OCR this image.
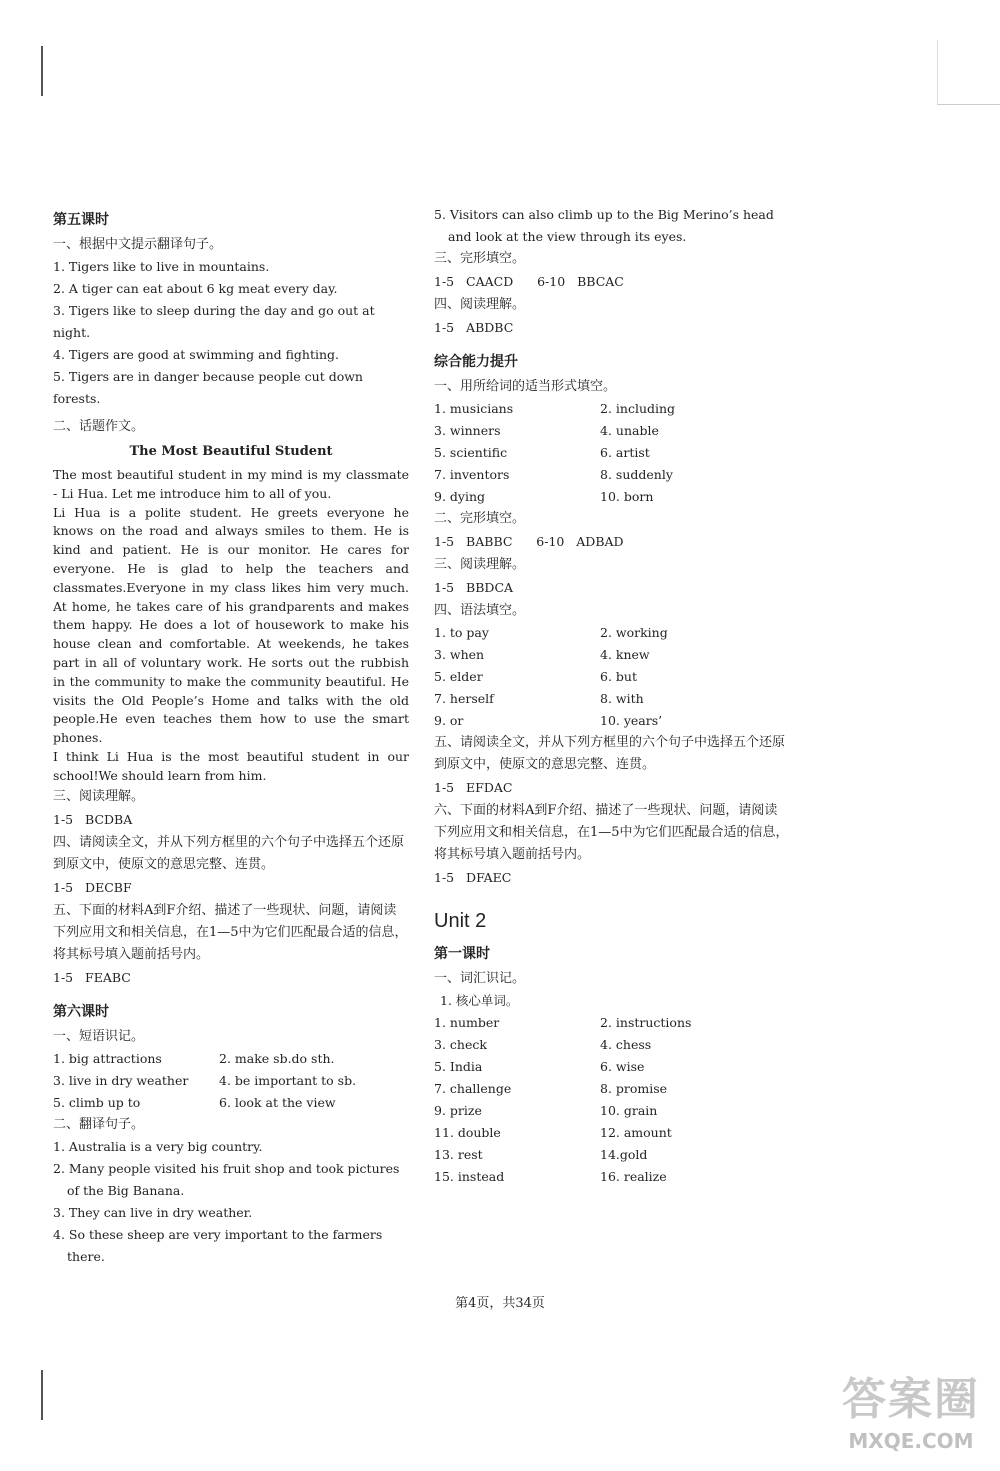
第五课时

一、根据中文提示翻译句子。

1. Tigers like to live in mountains.

2. A tiger can eat about 6 kg meat every day.

3. Tigers like to sleep during the day and go out at night.

4. Tigers are good at swimming and fighting.

5. Tigers are in danger because people cut down forests.

二、话题作文。

The Most Beautiful Student

The most beautiful student in my mind is my classmate - Li Hua. Let me introduce him to all of you.

Li Hua is a polite student. He greets everyone he knows on the road and always smiles to them. He is kind and patient. He is our monitor. He cares for everyone. He is glad to help the teachers and classmates.Everyone in my class likes him very much. At home, he takes care of his grandparents and makes them happy. He does a lot of housework to make his house clean and comfortable. At weekends, he takes part in all of voluntary work. He sorts out the rubbish in the community to make the community beautiful. He visits the Old People’s Home and talks with the old people.He even teaches them how to use the smart phones.

I think Li Hua is the most beautiful student in our school!We should learn from him.

三、阅读理解。

1-5   BCDBA

四、请阅读全文，并从下列方框里的六个句子中选择五个还原到原文中，使原文的意思完整、连贯。

1-5   DECBF

五、下面的材料A到F介绍、描述了一些现状、问题，请阅读下列应用文和相关信息，在1—5中为它们匹配最合适的信息，将其标号填入题前括号内。

1-5   FEABC

第六课时

一、短语识记。

1. big attractions	2. make sb.do sth.
3. live in dry weather	4. be important to sb.
5. climb up to	6. look at the view

二、翻译句子。

1. Australia is a very big country.

2. Many people visited his fruit shop and took pictures of the Big Banana.

3. They can live in dry weather.

4. So these sheep are very important to the farmers there.

5. Visitors can also climb up to the Big Merino’s head and look at the view through its eyes.

三、完形填空。

1-5   CAACD      6-10   BBCAC

四、阅读理解。

1-5   ABDBC

综合能力提升

一、用所给词的适当形式填空。

1. musicians	2. including
3. winners	4. unable
5. scientific	6. artist
7. inventors	8. suddenly
9. dying	10. born

二、完形填空。

1-5   BABBC      6-10   ADBAD

三、阅读理解。

1-5   BBDCA

四、语法填空。

1. to pay	2. working
3. when	4. knew
5. elder	6. but
7. herself	8. with
9. or	10. years’

五、请阅读全文，并从下列方框里的六个句子中选择五个还原到原文中，使原文的意思完整、连贯。

1-5   EFDAC

六、下面的材料A到F介绍、描述了一些现状、问题，请阅读下列应用文和相关信息，在1—5中为它们匹配最合适的信息，将其标号填入题前括号内。

1-5   DFAEC

Unit 2

第一课时

一、词汇识记。

1. 核心单词。

1. number	2. instructions
3. check	4. chess
5. India	6. wise
7. challenge	8. promise
9. prize	10. grain
11. double	12. amount
13. rest	14.gold
15. instead	16. realize
第4页，共34页
答案圈
MXQE.COM
